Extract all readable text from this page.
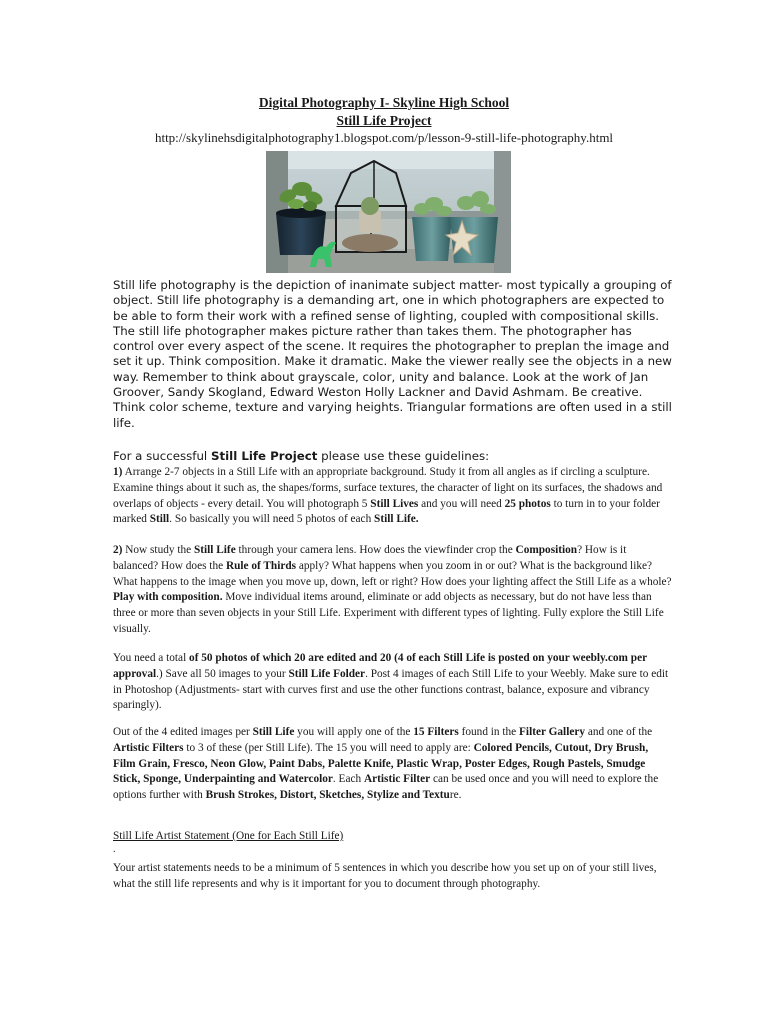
Digital Photography I- Skyline High School
Still Life Project
http://skylinehsdigitalphotography1.blogspot.com/p/lesson-9-still-life-photography.html
Still life photography is the depiction of inanimate subject matter- most typically a grouping of object. Still life photography is a demanding art, one in which photographers are expected to be able to form their work with a refined sense of lighting, coupled with compositional skills. The still life photographer makes picture rather than takes them. The photographer has control over every aspect of the scene. It requires the photographer to preplan the image and set it up. Think composition. Make it dramatic. Make the viewer really see the objects in a new way. Remember to think about grayscale, color, unity and balance. Look at the work of Jan Groover, Sandy Skogland, Edward Weston Holly Lackner and David Ashmam. Be creative. Think color scheme, texture and varying heights. Triangular formations are often used in a still life.
For a successful Still Life Project please use these guidelines:
1) Arrange 2-7 objects in a Still Life with an appropriate background. Study it from all angles as if circling a sculpture. Examine things about it such as, the shapes/forms, surface textures, the character of light on its surfaces, the shadows and overlaps of objects - every detail. You will photograph 5 Still Lives and you will need 25 photos to turn in to your folder marked Still. So basically you will need 5 photos of each Still Life.
2) Now study the Still Life through your camera lens. How does the viewfinder crop the Composition? How is it balanced? How does the Rule of Thirds apply? What happens when you zoom in or out? What is the background like? What happens to the image when you move up, down, left or right? How does your lighting affect the Still Life as a whole? Play with composition. Move individual items around, eliminate or add objects as necessary, but do not have less than three or more than seven objects in your Still Life. Experiment with different types of lighting. Fully explore the Still Life visually.
You need a total of 50 photos of which 20 are edited and 20 (4 of each Still Life is posted on your weebly.com per approval.) Save all 50 images to your Still Life Folder. Post 4 images of each Still Life to your Weebly. Make sure to edit in Photoshop (Adjustments- start with curves first and use the other functions contrast, balance, exposure and vibrancy sparingly).
Out of the 4 edited images per Still Life you will apply one of the 15 Filters found in the Filter Gallery and one of the Artistic Filters to 3 of these (per Still Life). The 15 you will need to apply are: Colored Pencils, Cutout, Dry Brush, Film Grain, Fresco, Neon Glow, Paint Dabs, Palette Knife, Plastic Wrap, Poster Edges, Rough Pastels, Smudge Stick, Sponge, Underpainting and Watercolor. Each Artistic Filter can be used once and you will need to explore the options further with Brush Strokes, Distort, Sketches, Stylize and Texture.
Still Life Artist Statement (One for Each Still Life)
.
Your artist statements needs to be a minimum of 5 sentences in which you describe how you set up on of your still lives, what the still life represents and why is it important for you to document through photography.
